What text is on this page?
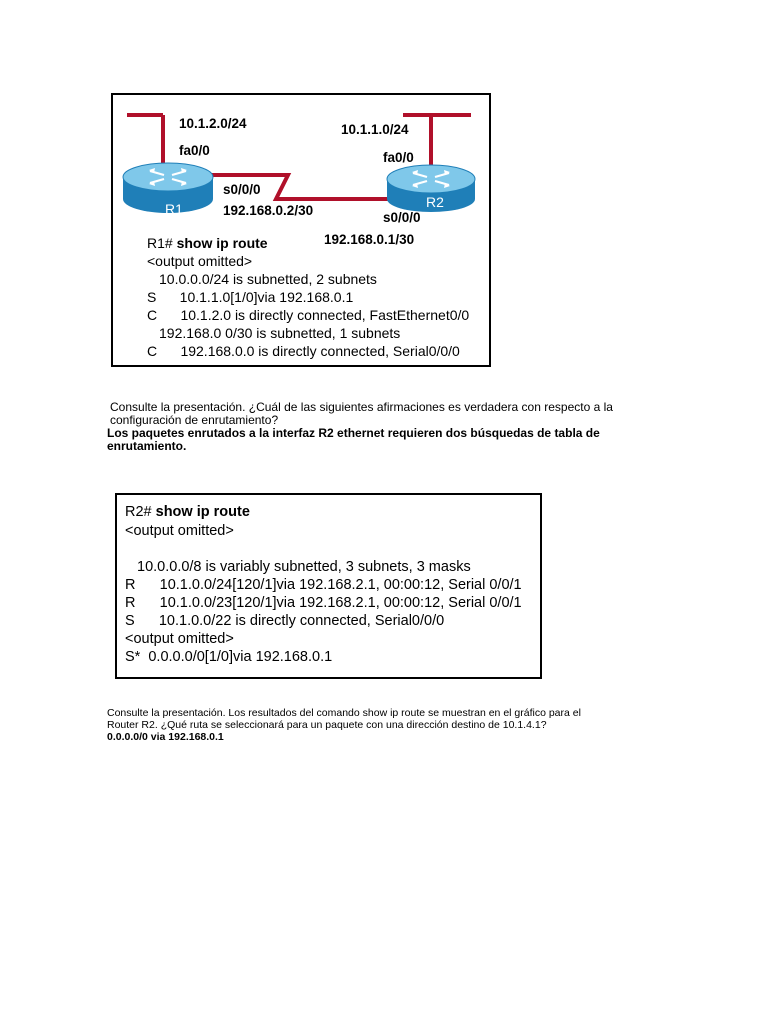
R1	R2
10.1.2.0/24
fa0/0
s0/0/0
192.168.0.2/30
10.1.1.0/24
fa0/0
s0/0/0
192.168.0.1/30
R1# show ip route
<output omitted>
10.0.0.0/24 is subnetted, 2 subnets
S      10.1.1.0[1/0]via 192.168.0.1
C      10.1.2.0 is directly connected, FastEthernet0/0
192.168.0 0/30 is subnetted, 1 subnets
C      192.168.0.0 is directly connected, Serial0/0/0

Consulte la presentación. ¿Cuál de las siguientes afirmaciones es verdadera con respecto a la configuración de enrutamiento?

Los paquetes enrutados a la interfaz R2 ethernet requieren dos búsquedas de tabla de enrutamiento.

R2# show ip route
<output omitted>
10.0.0.0/8 is variably subnetted, 3 subnets, 3 masks
R      10.1.0.0/24[120/1]via 192.168.2.1, 00:00:12, Serial 0/0/1
R      10.1.0.0/23[120/1]via 192.168.2.1, 00:00:12, Serial 0/0/1
S      10.1.0.0/22 is directly connected, Serial0/0/0
<output omitted>
S*  0.0.0.0/0[1/0]via 192.168.0.1

Consulte la presentación. Los resultados del comando show ip route se muestran en el gráfico para el Router R2. ¿Qué ruta se seleccionará para un paquete con una dirección destino de 10.1.4.1?

0.0.0.0/0 via 192.168.0.1
